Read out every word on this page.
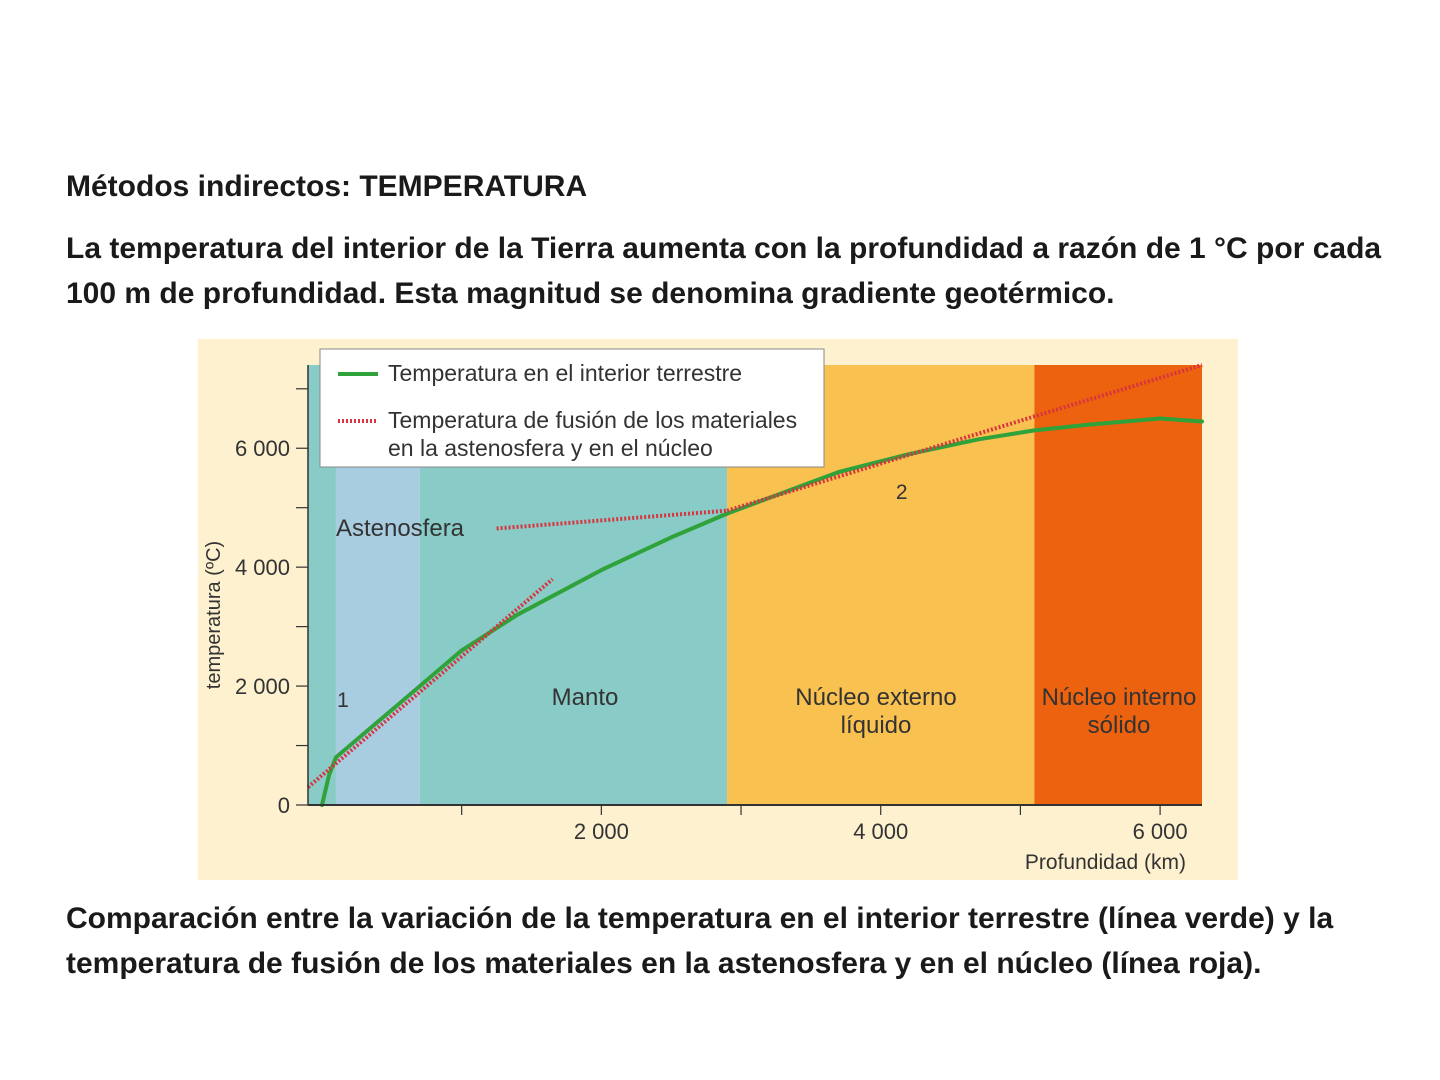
Métodos indirectos: TEMPERATURA

La temperatura del interior de la Tierra aumenta con la profundidad a razón de 1 °C por cada 100 m de profundidad. Esta magnitud se denomina gradiente geotérmico.

Astenosfera
Manto	Núcleo externo
líquido
Núcleo interno
sólido
0
2 000
4 000
6 000
2 000	4 000	6 000
Profundidad (km)
temperatura (ºC)
1
2
Temperatura en el interior terrestre
Temperatura de fusión de los materiales
en la astenosfera y en el núcleo

Comparación entre la variación de la temperatura en el interior terrestre (línea verde) y la temperatura de fusión de los materiales en la astenosfera y en el núcleo (línea roja).
